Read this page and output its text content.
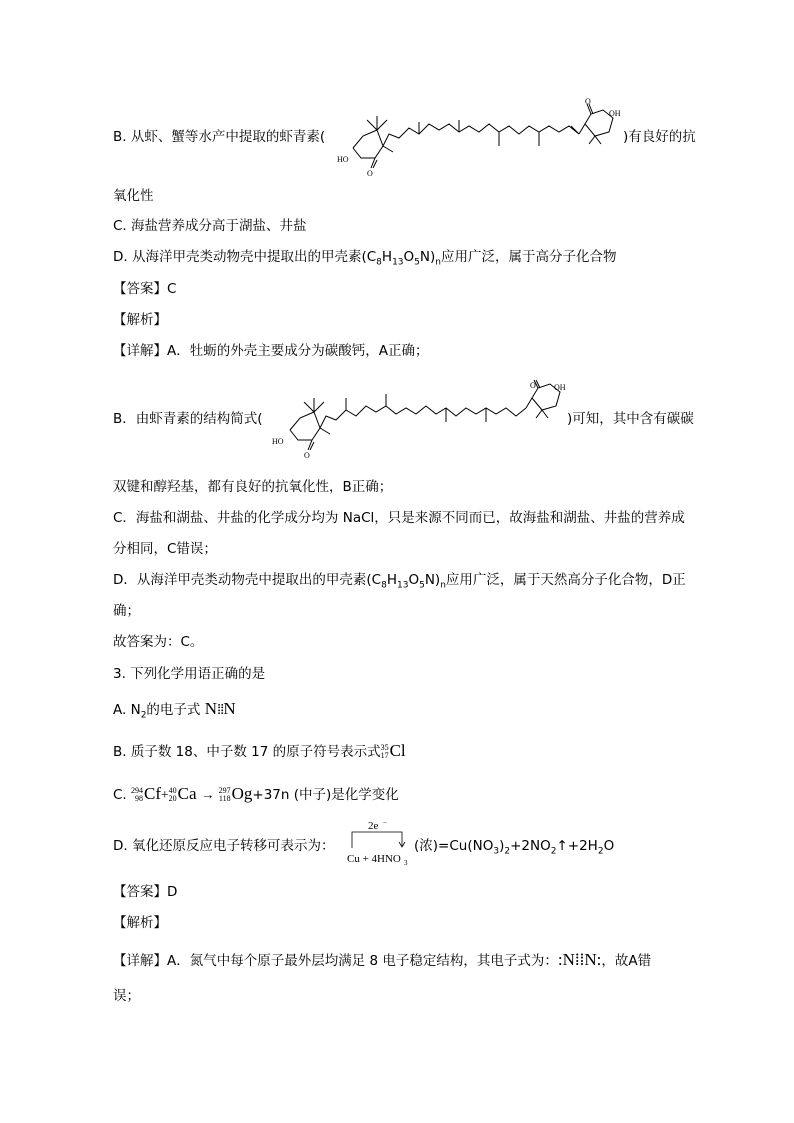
B. 从虾、蟹等水产中提取的虾青素(
HO
O
O
OH
)有良好的抗
氧化性
C. 海盐营养成分高于湖盐、井盐
D. 从海洋甲壳类动物壳中提取出的甲壳素$(C_8H_{13}O_5N)_n$应用广泛，属于高分子化合物
【答案】C
【解析】
【详解】A．牡蛎的外壳主要成分为碳酸钙，A正确；
B．由虾青素的结构简式(
HO
O
O OH
)可知，其中含有碳碳
双键和醇羟基，都有良好的抗氧化性，B正确；
C．海盐和湖盐、井盐的化学成分均为 NaCl，只是来源不同而已，故海盐和湖盐、井盐的营养成
分相同，C错误；
D．从海洋甲壳类动物壳中提取出的甲壳素$(C_8H_{13}O_5N)_n$应用广泛，属于天然高分子化合物，D正
确；
故答案为：C。
3. 下列化学用语正确的是
A. $N_2$的电子式 N⁞⁞N
B. 质子数 18、中子数 17 的原子符号表示式 35
17 Cl
C. 294
98 Cf+ 40
20 Ca → 297
118 Og+37n (中子)是化学变化
D. 氧化还原反应电子转移可表示为：
2e −
Cu + 4HNO 3
(浓)$=Cu(NO_3)_2+2NO_2↑+2H_2O$
【答案】D
【解析】
【详解】A．氮气中每个原子最外层均满足 8 电子稳定结构，其电子式为：:N⁞⁞N:，故A错
误；
